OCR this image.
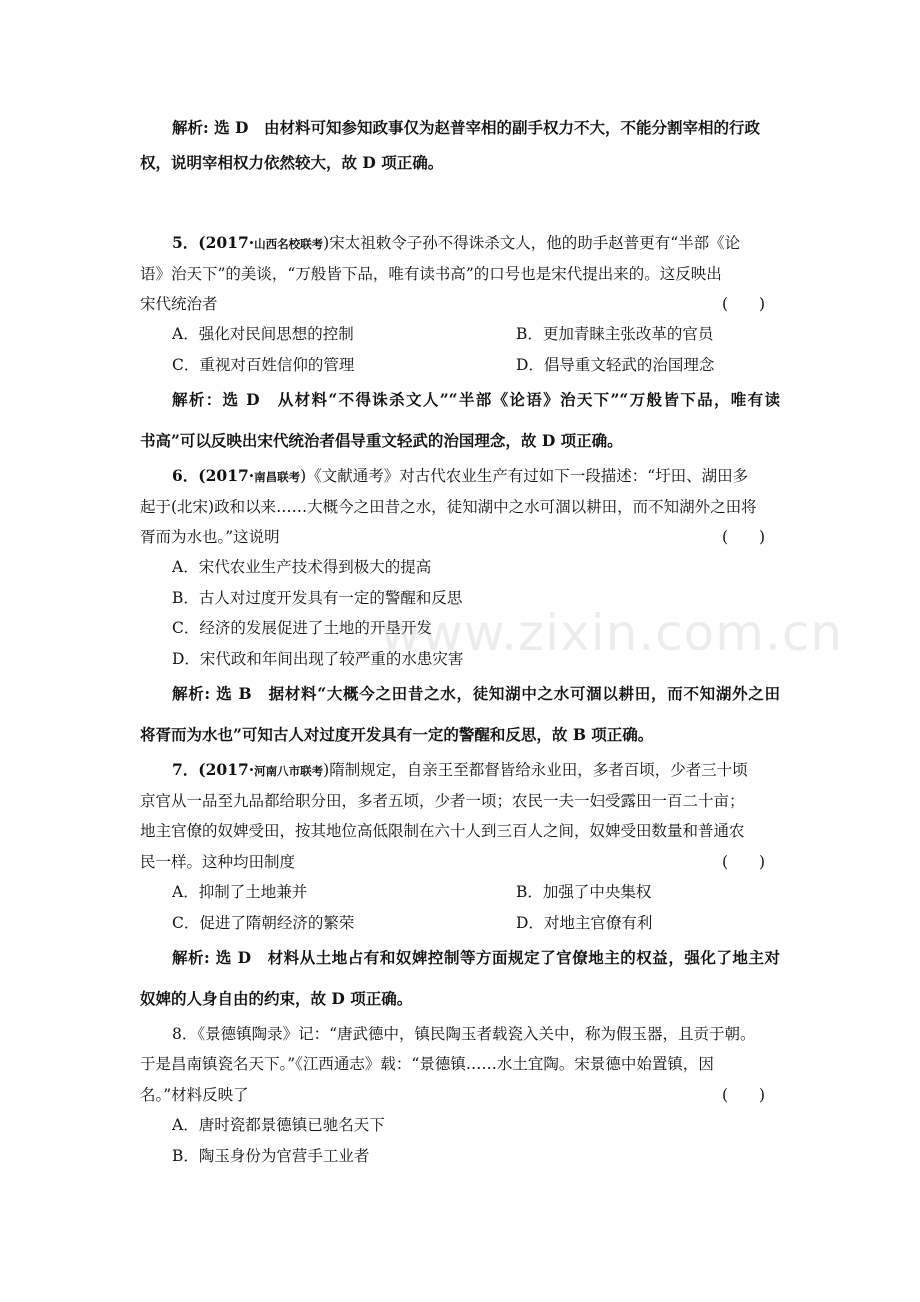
解析: 选 D　由材料可知参知政事仅为赵普宰相的副手权力不大，不能分割宰相的行政
权，说明宰相权力依然较大，故 D 项正确。
5．(2017·山西名校联考)宋太祖敕令子孙不得诛杀文人，他的助手赵普更有“半部《论
语》治天下”的美谈，“万般皆下品，唯有读书高”的口号也是宋代提出来的。这反映出
宋代统治者	(　　)
A．强化对民间思想的控制	B．更加青睐主张改革的官员
C．重视对百姓信仰的管理	D．倡导重文轻武的治国理念
解析：选 D　从材料“不得诛杀文人”“半部《论语》治天下”“万般皆下品，唯有读
书高”可以反映出宋代统治者倡导重文轻武的治国理念，故 D 项正确。
6．(2017·南昌联考)《文献通考》对古代农业生产有过如下一段描述：“圩田、湖田多
起于(北宋)政和以来……大概今之田昔之水，徒知湖中之水可涸以耕田，而不知湖外之田将
胥而为水也。”这说明	(　　)
A．宋代农业生产技术得到极大的提高
B．古人对过度开发具有一定的警醒和反思
C．经济的发展促进了土地的开垦开发
D．宋代政和年间出现了较严重的水患灾害
解析: 选 B　据材料“大概今之田昔之水，徒知湖中之水可涸以耕田，而不知湖外之田
将胥而为水也”可知古人对过度开发具有一定的警醒和反思，故 B 项正确。
7．(2017·河南八市联考)隋制规定，自亲王至都督皆给永业田，多者百顷，少者三十顷
京官从一品至九品都给职分田，多者五顷，少者一顷；农民一夫一妇受露田一百二十亩；
地主官僚的奴婢受田，按其地位高低限制在六十人到三百人之间，奴婢受田数量和普通农
民一样。这种均田制度	(　　)
A．抑制了土地兼并	B．加强了中央集权
C．促进了隋朝经济的繁荣	D．对地主官僚有利
解析: 选 D　材料从土地占有和奴婢控制等方面规定了官僚地主的权益，强化了地主对
奴婢的人身自由的约束，故 D 项正确。
8．《景德镇陶录》记：“唐武德中，镇民陶玉者载瓷入关中，称为假玉器，且贡于朝。
于是昌南镇瓷名天下。”《江西通志》载：“景德镇……水土宜陶。宋景德中始置镇，因
名。”材料反映了	(　　)
A．唐时瓷都景德镇已驰名天下
B．陶玉身份为官营手工业者
www.zixin.com.cn
